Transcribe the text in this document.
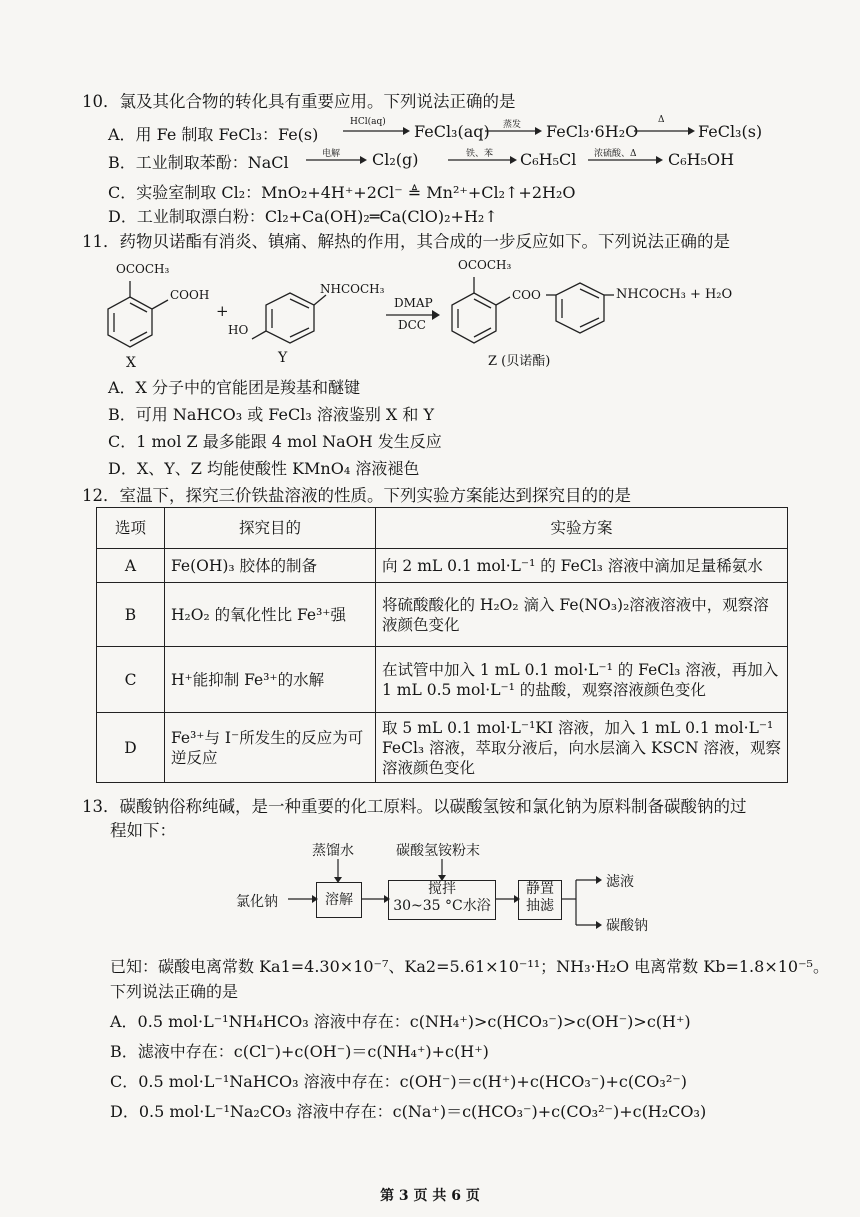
10．氯及其化合物的转化具有重要应用。下列说法正确的是
A．用 Fe 制取 FeCl₃：Fe(s)
HCl(aq) FeCl₃(aq) 蒸发 FeCl₃·6H₂O
Δ
FeCl₃(s)
B．工业制取苯酚：NaCl	电解 Cl₂(g)	铁、苯 C₆H₅Cl 浓硫酸、Δ C₆H₅OH
C．实验室制取 Cl₂：MnO₂+4H⁺+2Cl⁻ ≜ Mn²⁺+Cl₂↑+2H₂O
D．工业制取漂白粉：Cl₂+Ca(OH)₂═Ca(ClO)₂+H₂↑
11．药物贝诺酯有消炎、镇痛、解热的作用，其合成的一步反应如下。下列说法正确的是
OCOCH₃
COOH
+
NHCOCH₃
HO
DMAP
DCC
OCOCH₃
COO	NHCOCH₃ + H₂O
X	Y	Z (贝诺酯)
A．X 分子中的官能团是羧基和醚键
B．可用 NaHCO₃ 或 FeCl₃ 溶液鉴别 X 和 Y
C．1 mol Z 最多能跟 4 mol NaOH 发生反应
D．X、Y、Z 均能使酸性 KMnO₄ 溶液褪色
12．室温下，探究三价铁盐溶液的性质。下列实验方案能达到探究目的的是
选项	探究目的	实验方案
A	Fe(OH)₃ 胶体的制备	向 2 mL 0.1 mol·L⁻¹ 的 FeCl₃ 溶液中滴加足量稀氨水
B	H₂O₂ 的氧化性比 Fe³⁺强	将硫酸酸化的 H₂O₂ 滴入 Fe(NO₃)₂溶液溶液中，观察溶液颜色变化
C	H⁺能抑制 Fe³⁺的水解	在试管中加入 1 mL 0.1 mol·L⁻¹ 的 FeCl₃ 溶液，再加入 1 mL 0.5 mol·L⁻¹ 的盐酸，观察溶液颜色变化
D	Fe³⁺与 I⁻所发生的反应为可逆反应	取 5 mL 0.1 mol·L⁻¹KI 溶液，加入 1 mL 0.1 mol·L⁻¹ FeCl₃ 溶液，萃取分液后，向水层滴入 KSCN 溶液，观察溶液颜色变化
13．碳酸钠俗称纯碱，是一种重要的化工原料。以碳酸氢铵和氯化钠为原料制备碳酸钠的过
程如下：
蒸馏水	碳酸氢铵粉末
氯化钠	溶解
搅拌
30~35 °C水浴
静置
抽滤
滤液
碳酸钠
已知：碳酸电离常数 Ka1=4.30×10⁻⁷、Ka2=5.61×10⁻¹¹；NH₃·H₂O 电离常数 Kb=1.8×10⁻⁵。
下列说法正确的是
A．0.5 mol·L⁻¹NH₄HCO₃ 溶液中存在：c(NH₄⁺)>c(HCO₃⁻)>c(OH⁻)>c(H⁺)
B．滤液中存在：c(Cl⁻)+c(OH⁻)＝c(NH₄⁺)+c(H⁺)
C．0.5 mol·L⁻¹NaHCO₃ 溶液中存在：c(OH⁻)＝c(H⁺)+c(HCO₃⁻)+c(CO₃²⁻)
D．0.5 mol·L⁻¹Na₂CO₃ 溶液中存在：c(Na⁺)＝c(HCO₃⁻)+c(CO₃²⁻)+c(H₂CO₃)
第 3 页 共 6 页
